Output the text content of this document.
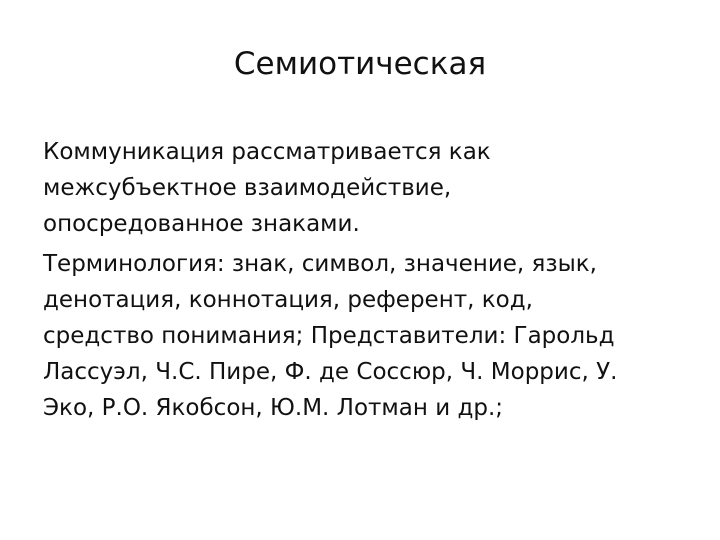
Семиотическая
Коммуникация рассматривается как
межсубъектное взаимодействие,
опосредованное знаками.
Терминология: знак, символ, значение, язык,
денотация, коннотация, референт, код,
средство понимания; Представители: Гарольд
Лассуэл, Ч.С. Пире, Ф. де Соссюр, Ч. Моррис, У.
Эко, Р.О. Якобсон, Ю.М. Лотман и др.;
